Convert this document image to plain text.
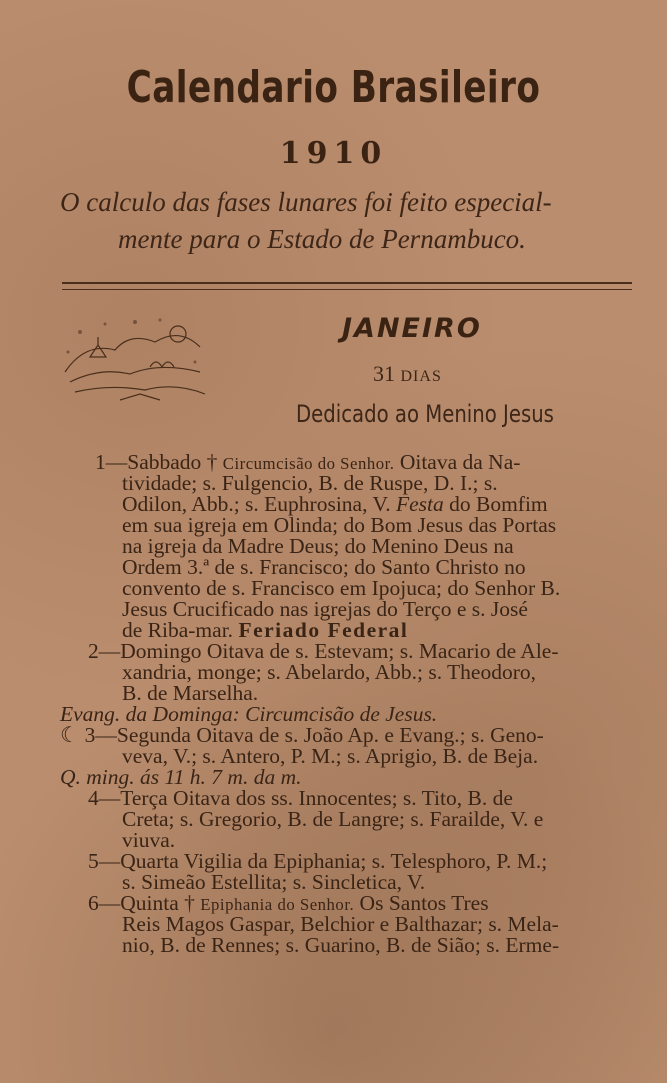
Calendario Brasileiro
1910
O calculo das fases lunares foi feito especial-
mente para o Estado de Pernambuco.
JANEIRO
31 DIAS
Dedicado ao Menino Jesus
1—Sabbado † Circumcisão do Senhor. Oitava da Na-
tividade; s. Fulgencio, B. de Ruspe, D. I.; s.
Odilon, Abb.; s. Euphrosina, V. Festa do Bomfim
em sua igreja em Olinda; do Bom Jesus das Portas
na igreja da Madre Deus; do Menino Deus na
Ordem 3.ª de s. Francisco; do Santo Christo no
convento de s. Francisco em Ipojuca; do Senhor B.
Jesus Crucificado nas igrejas do Terço e s. José
de Riba-mar. Feriado Federal
2—Domingo Oitava de s. Estevam; s. Macario de Ale-
xandria, monge; s. Abelardo, Abb.; s. Theodoro,
B. de Marselha.
Evang. da Dominga: Circumcisão de Jesus.
☾ 3—Segunda Oitava de s. João Ap. e Evang.; s. Geno-
veva, V.; s. Antero, P. M.; s. Aprigio, B. de Beja.
Q. ming. ás 11 h. 7 m. da m.
4—Terça Oitava dos ss. Innocentes; s. Tito, B. de
Creta; s. Gregorio, B. de Langre; s. Farailde, V. e
viuva.
5—Quarta Vigilia da Epiphania; s. Telesphoro, P. M.;
s. Simeão Estellita; s. Sincletica, V.
6—Quinta † Epiphania do Senhor. Os Santos Tres
Reis Magos Gaspar, Belchior e Balthazar; s. Mela-
nio, B. de Rennes; s. Guarino, B. de Sião; s. Erme-
